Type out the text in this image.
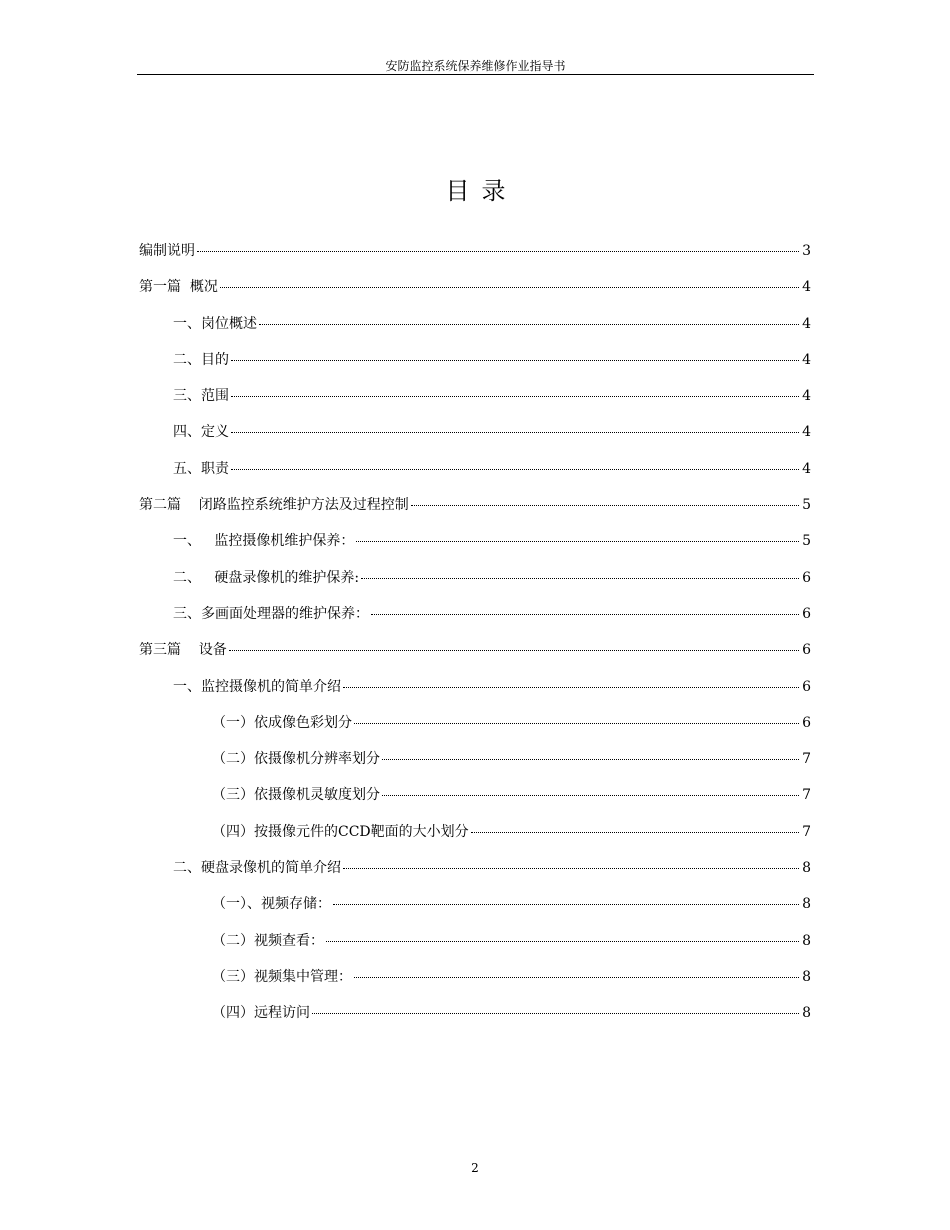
安防监控系统保养维修作业指导书
目录
编制说明	3
第一篇  概况	4
一、岗位概述	4
二、目的	4
三、范围	4
四、定义	4
五、职责	4
第二篇    闭路监控系统维护方法及过程控制	5
一、   监控摄像机维护保养：	5
二、   硬盘录像机的维护保养:	6
三、多画面处理器的维护保养：	6
第三篇    设备	6
一、监控摄像机的简单介绍	6
（一）依成像色彩划分	6
（二）依摄像机分辨率划分	7
（三）依摄像机灵敏度划分	7
（四）按摄像元件的CCD靶面的大小划分	7
二、硬盘录像机的简单介绍	8
（一）、视频存储：	8
（二）视频查看：	8
（三）视频集中管理：	8
（四）远程访问	8
2
